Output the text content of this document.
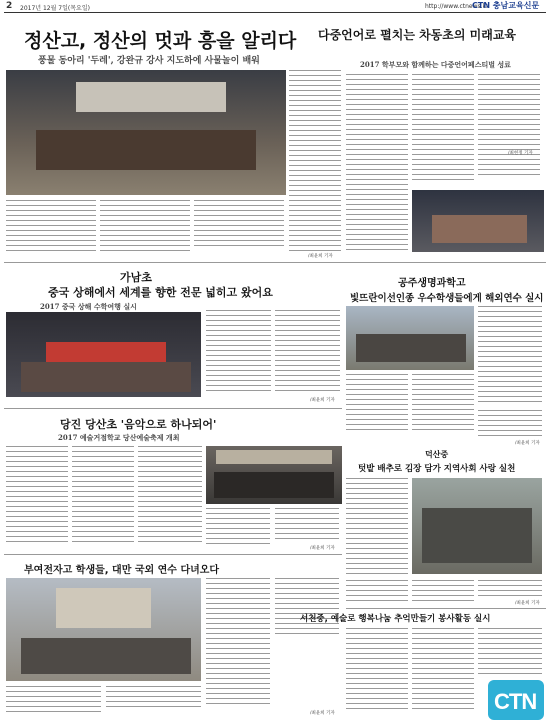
2 2017년 12월 7일(목요일)	http://www.ctnews.kr
CTN 충남교육신문
정산고, 정산의 멋과 흥을 알리다
풍물 동아리 '두레', 강완규 강사 지도하에 사물놀이 배워
/최윤희 기자
다중언어로 펼치는 차동초의 미래교육
2017 학부모와 함께하는 다중언어페스티벌 성료
/최현정 기자
가남초
중국 상해에서 세계를 향한 전문 넓히고 왔어요
2017 중국 상해 수학여행 실시
/최윤희 기자
공주생명과학고
빛뜨란이선인종 우수학생들에게 해외연수 실시
/최윤희 기자
당진 당산초 '음악으로 하나되어'
2017 예술거점학교 당산예술축제 개최
/최윤희 기자
덕산중
텃밭 배추로 김장 담가 지역사회 사랑 실천
/최윤희 기자
부여전자고 학생들, 대만 국외 연수 다녀오다
/최윤희 기자
서천중, 예술로 행복나눔 추억만들기 봉사활동 실시
CTN
